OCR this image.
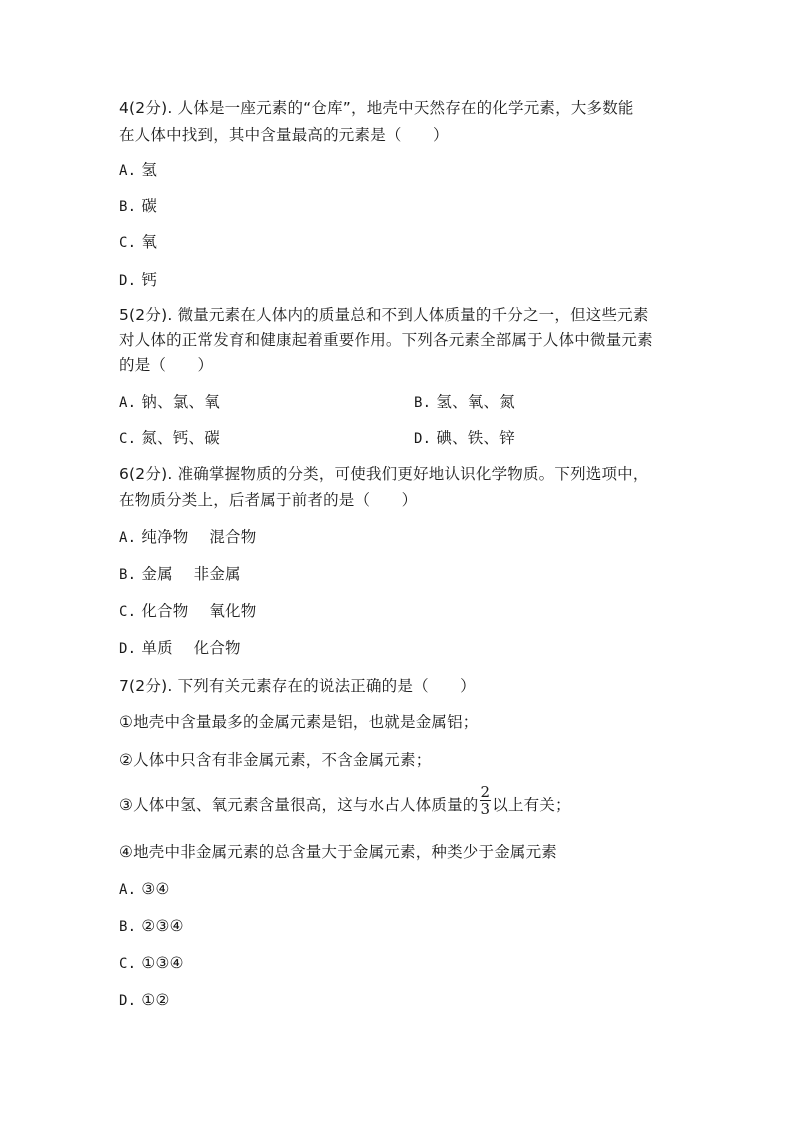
4(2分). 人体是一座元素的“仓库”，地壳中天然存在的化学元素，大多数能
在人体中找到，其中含量最高的元素是（　　）
A. 氢
B. 碳
C. 氧
D. 钙
5(2分). 微量元素在人体内的质量总和不到人体质量的千分之一，但这些元素
对人体的正常发育和健康起着重要作用。下列各元素全部属于人体中微量元素
的是（　　）
A. 钠、氯、氧	B. 氢、氧、氮
C. 氮、钙、碳	D. 碘、铁、锌
6(2分). 准确掌握物质的分类，可使我们更好地认识化学物质。下列选项中，
在物质分类上，后者属于前者的是（　　）
A. 纯净物　 混合物
B. 金属　 非金属
C. 化合物　 氧化物
D. 单质　 化合物
7(2分). 下列有关元素存在的说法正确的是（　　）
①地壳中含量最多的金属元素是铝，也就是金属铝；
②人体中只含有非金属元素，不含金属元素；
③人体中氢、氧元素含量很高，这与水占人体质量的 $\frac{2}{3}$ 以上有关；
④地壳中非金属元素的总含量大于金属元素，种类少于金属元素
A. ③④
B. ②③④
C. ①③④
D. ①②
